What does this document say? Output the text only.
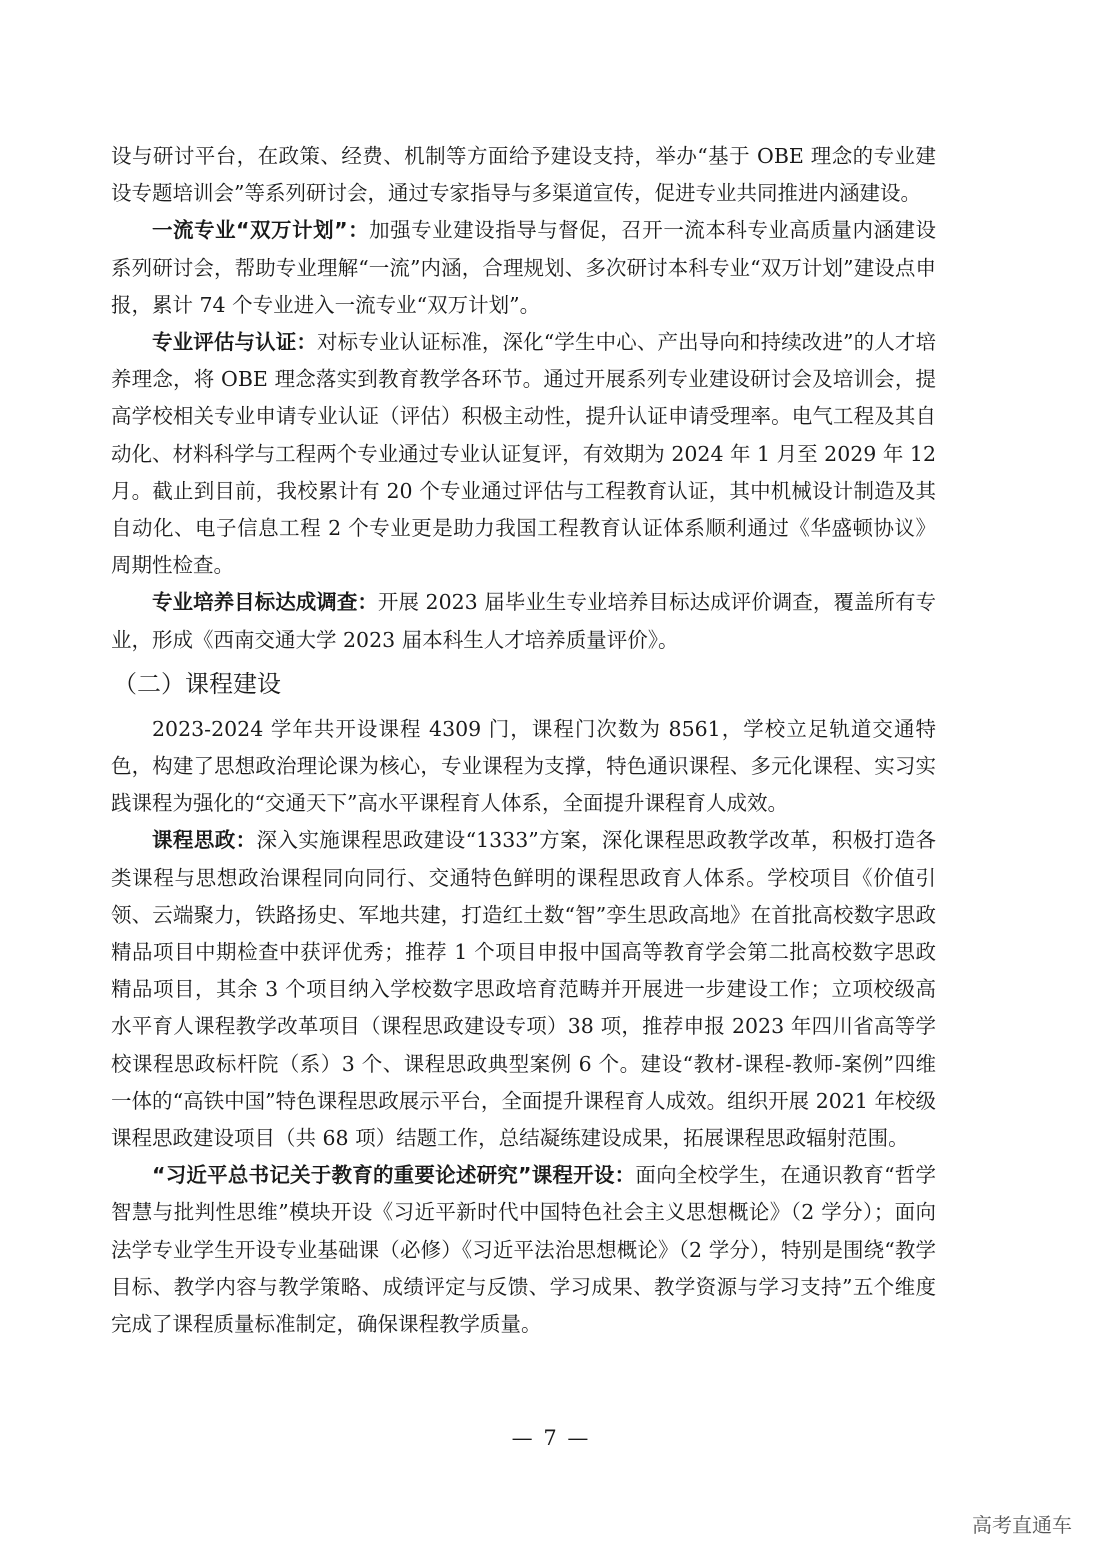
设与研讨平台，在政策、经费、机制等方面给予建设支持，举办“基于 OBE 理念的专业建设专题培训会”等系列研讨会，通过专家指导与多渠道宣传，促进专业共同推进内涵建设。

一流专业“双万计划”：加强专业建设指导与督促，召开一流本科专业高质量内涵建设系列研讨会，帮助专业理解“一流”内涵，合理规划、多次研讨本科专业“双万计划”建设点申报，累计 74 个专业进入一流专业“双万计划”。

专业评估与认证：对标专业认证标准，深化“学生中心、产出导向和持续改进”的人才培养理念，将 OBE 理念落实到教育教学各环节。通过开展系列专业建设研讨会及培训会，提高学校相关专业申请专业认证（评估）积极主动性，提升认证申请受理率。电气工程及其自动化、材料科学与工程两个专业通过专业认证复评，有效期为 2024 年 1 月至 2029 年 12 月。截止到目前，我校累计有 20 个专业通过评估与工程教育认证，其中机械设计制造及其自动化、电子信息工程 2 个专业更是助力我国工程教育认证体系顺利通过《华盛顿协议》周期性检查。

专业培养目标达成调查：开展 2023 届毕业生专业培养目标达成评价调查，覆盖所有专业，形成《西南交通大学 2023 届本科生人才培养质量评价》。

（二）课程建设

2023-2024 学年共开设课程 4309 门，课程门次数为 8561，学校立足轨道交通特色，构建了思想政治理论课为核心，专业课程为支撑，特色通识课程、多元化课程、实习实践课程为强化的“交通天下”高水平课程育人体系，全面提升课程育人成效。

课程思政：深入实施课程思政建设“1333”方案，深化课程思政教学改革，积极打造各类课程与思想政治课程同向同行、交通特色鲜明的课程思政育人体系。学校项目《价值引领、云端聚力，铁路扬史、军地共建，打造红土数“智”孪生思政高地》在首批高校数字思政精品项目中期检查中获评优秀；推荐 1 个项目申报中国高等教育学会第二批高校数字思政精品项目，其余 3 个项目纳入学校数字思政培育范畴并开展进一步建设工作；立项校级高水平育人课程教学改革项目（课程思政建设专项）38 项，推荐申报 2023 年四川省高等学校课程思政标杆院（系）3 个、课程思政典型案例 6 个。建设“教材-课程-教师-案例”四维一体的“高铁中国”特色课程思政展示平台，全面提升课程育人成效。组织开展 2021 年校级课程思政建设项目（共 68 项）结题工作，总结凝练建设成果，拓展课程思政辐射范围。

“习近平总书记关于教育的重要论述研究”课程开设：面向全校学生，在通识教育“哲学智慧与批判性思维”模块开设《习近平新时代中国特色社会主义思想概论》（2 学分）；面向法学专业学生开设专业基础课（必修）《习近平法治思想概论》（2 学分），特别是围绕“教学目标、教学内容与教学策略、成绩评定与反馈、学习成果、教学资源与学习支持”五个维度完成了课程质量标准制定，确保课程教学质量。

— 7 —
高考直通车
